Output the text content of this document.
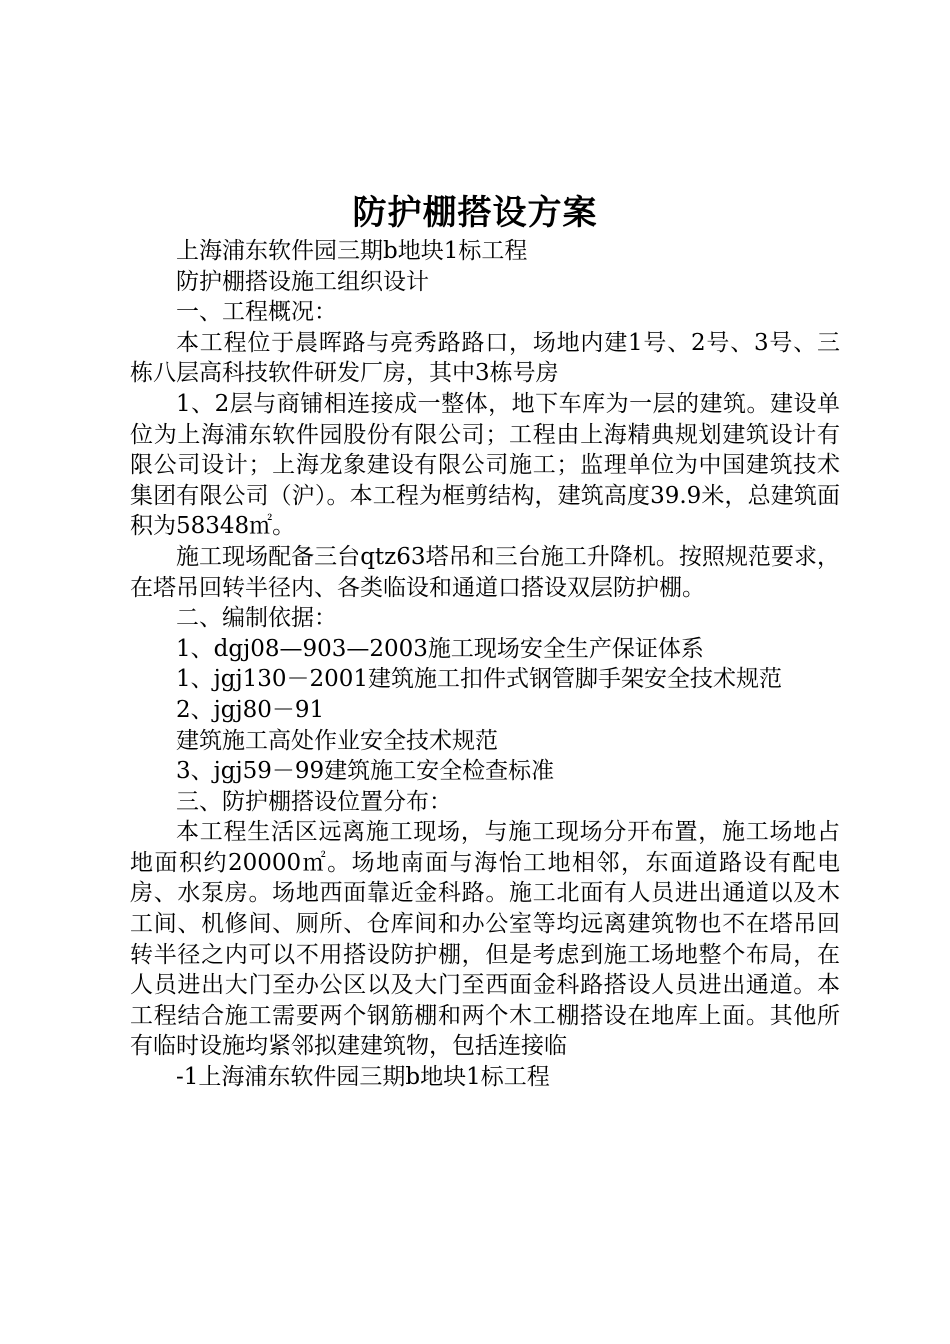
防护棚搭设方案

上海浦东软件园三期b地块1标工程

防护棚搭设施工组织设计

一、工程概况：

本工程位于晨晖路与亮秀路路口，场地内建1号、2号、3号、三栋八层高科技软件研发厂房，其中3栋号房

1、2层与商铺相连接成一整体，地下车库为一层的建筑。建设单位为上海浦东软件园股份有限公司；工程由上海精典规划建筑设计有限公司设计；上海龙象建设有限公司施工；监理单位为中国建筑技术集团有限公司（沪）。本工程为框剪结构，建筑高度39.9米，总建筑面积为58348㎡。

施工现场配备三台qtz63塔吊和三台施工升降机。按照规范要求，在塔吊回转半径内、各类临设和通道口搭设双层防护棚。

二、编制依据：

1、dgj08—903—2003施工现场安全生产保证体系

1、jgj130－2001建筑施工扣件式钢管脚手架安全技术规范

2、jgj80－91

建筑施工高处作业安全技术规范

3、jgj59－99建筑施工安全检查标准

三、防护棚搭设位置分布：

本工程生活区远离施工现场，与施工现场分开布置，施工场地占地面积约20000㎡。场地南面与海怡工地相邻，东面道路设有配电房、水泵房。场地西面靠近金科路。施工北面有人员进出通道以及木工间、机修间、厕所、仓库间和办公室等均远离建筑物也不在塔吊回转半径之内可以不用搭设防护棚，但是考虑到施工场地整个布局，在人员进出大门至办公区以及大门至西面金科路搭设人员进出通道。本工程结合施工需要两个钢筋棚和两个木工棚搭设在地库上面。其他所有临时设施均紧邻拟建建筑物，包括连接临

-1上海浦东软件园三期b地块1标工程
